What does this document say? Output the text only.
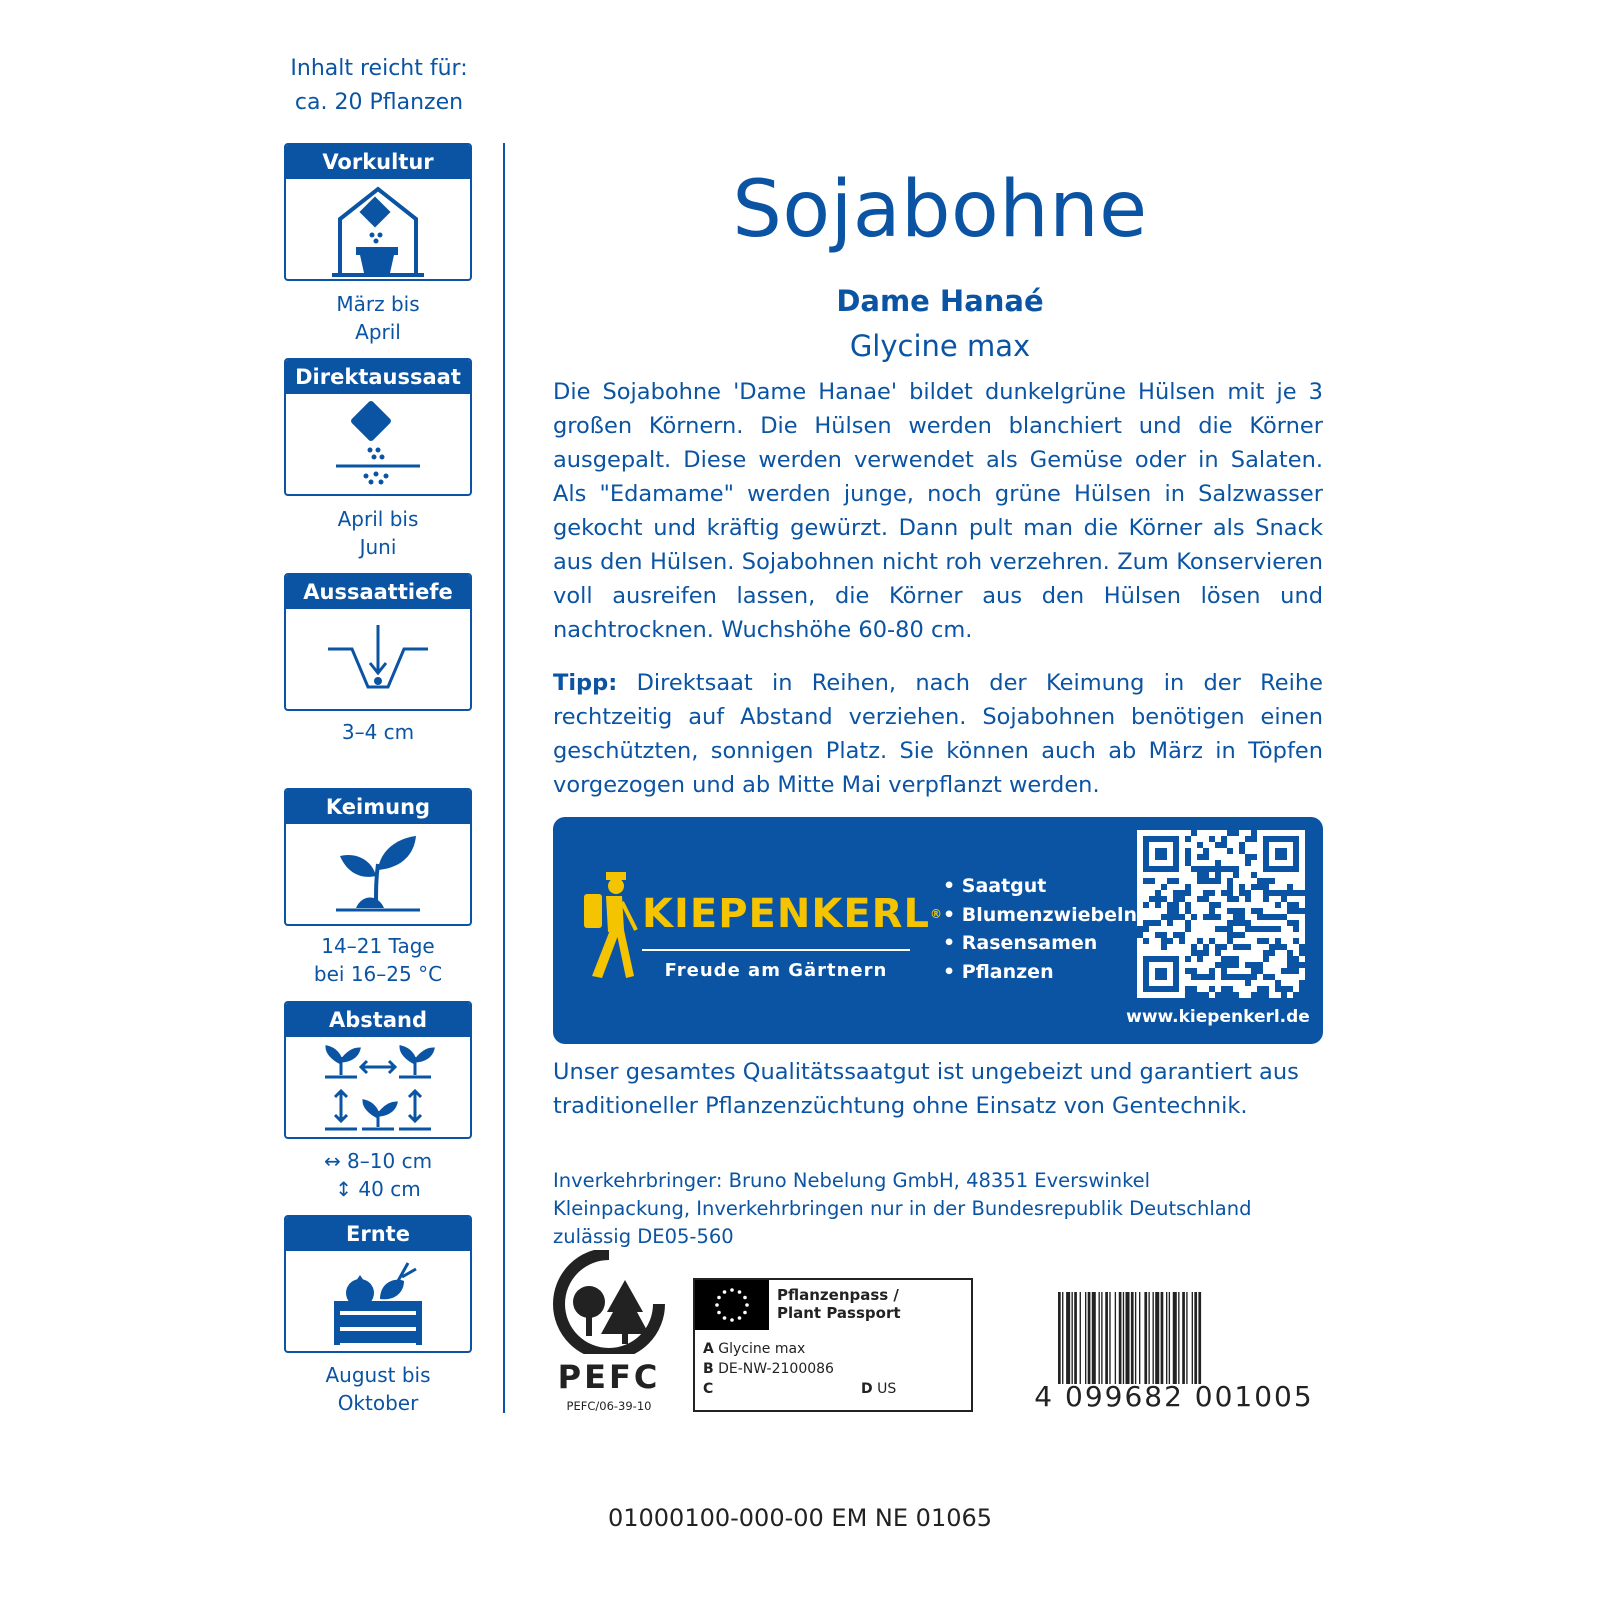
Inhalt reicht für:
ca. 20 Pflanzen
Vorkultur
März bis
April
Direktaussaat
April bis
Juni
Aussaattiefe
3–4 cm
Keimung
14–21 Tage
bei 16–25 °C
Abstand
↔ 8–10 cm
↕ 40 cm
Ernte
August bis
Oktober
Sojabohne
Dame Hanaé
Glycine max
Die Sojabohne 'Dame Hanae' bildet dunkelgrüne Hülsen mit je 3 großen Körnern. Die Hülsen werden blanchiert und die Körner ausgepalt. Diese werden verwendet als Gemüse oder in Salaten. Als "Edamame" werden junge, noch grüne Hülsen in Salzwasser gekocht und kräftig gewürzt. Dann pult man die Körner als Snack aus den Hülsen. Sojabohnen nicht roh verzehren. Zum Konservieren voll ausreifen lassen, die Körner aus den Hülsen lösen und nachtrocknen. Wuchshöhe 60-80 cm.
Tipp: Direktsaat in Reihen, nach der Keimung in der Reihe rechtzeitig auf Abstand verziehen. Sojabohnen benötigen einen geschützten, sonnigen Platz. Sie können auch ab März in Töpfen vorgezogen und ab Mitte Mai verpflanzt werden.
KIEPENKERL®
Freude am Gärtnern
• Saatgut
• Blumenzwiebeln
• Rasensamen
• Pflanzen
www.kiepenkerl.de
Unser gesamtes Qualitätssaatgut ist ungebeizt und garantiert aus traditioneller Pflanzenzüchtung ohne Einsatz von Gentechnik.
Inverkehrbringer: Bruno Nebelung GmbH, 48351 Everswinkel
Kleinpackung, Inverkehrbringen nur in der Bundesrepublik Deutschland
zulässig DE05-560
PEFC
PEFC/06-39-10
Pflanzenpass /
Plant Passport
A Glycine max
B DE-NW-2100086
C	D US	4 099682 001005
01000100-000-00 EM NE 01065
